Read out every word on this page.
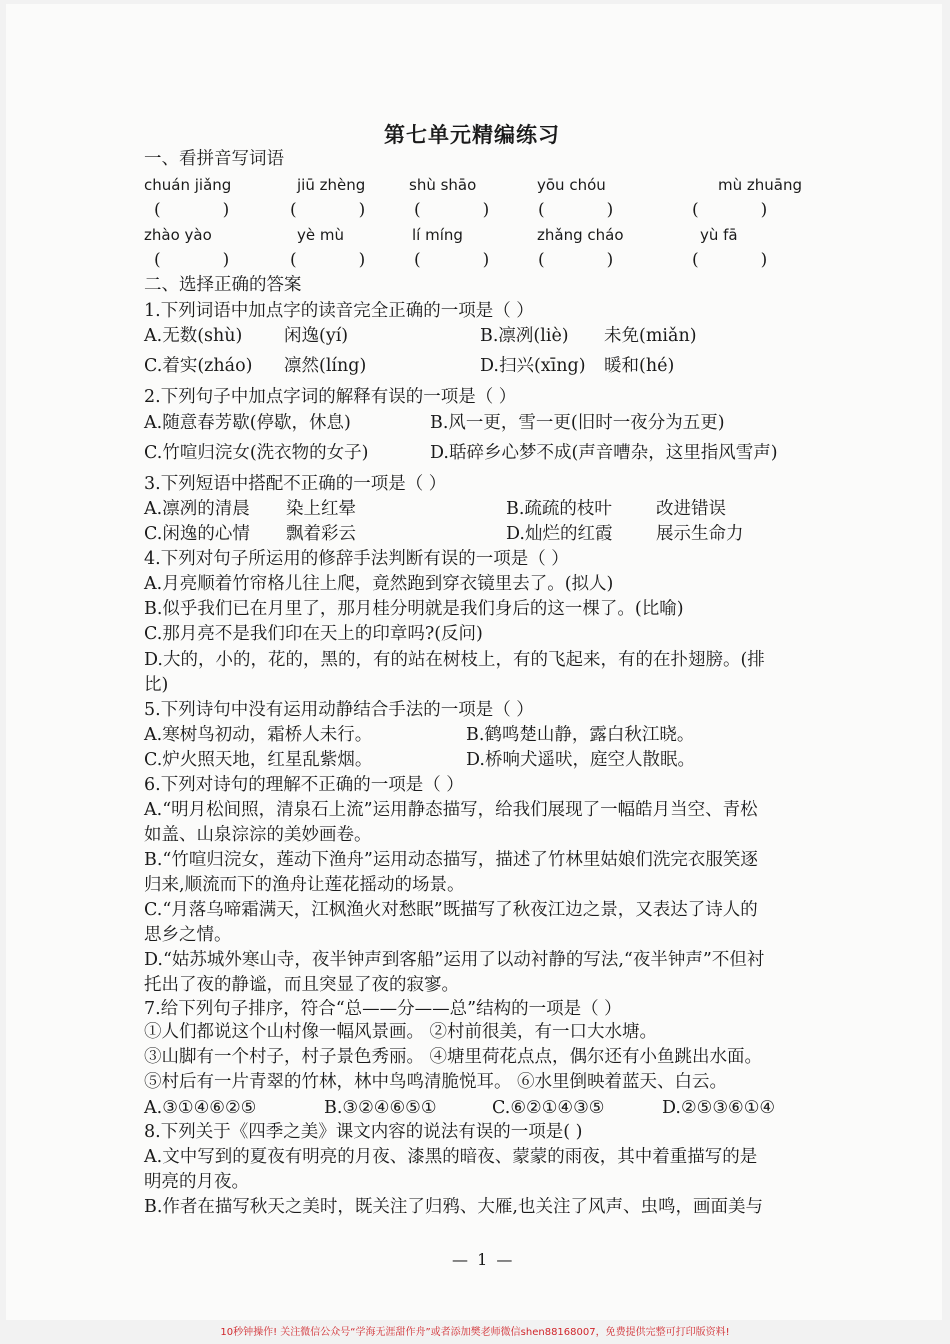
第七单元精编练习
一、看拼音写词语
chuán jiǎng	jiū zhèng	shù shāo	yōu chóu	mù zhuāng
(	)	(	)	(	)	(	)	(	)
zhào yào	yè mù	lí míng	zhǎng cháo	yù fā
(	)	(	)	(	)	(	)	(	)
二、选择正确的答案
1.下列词语中加点字的读音完全正确的一项是（ ）
A.无数(shù) 闲逸(yí)	B.凛冽(liè) 未免(miǎn)
C.着实(zháo) 凛然(líng)	D.扫兴(xīng) 暖和(hé)
2.下列句子中加点字词的解释有误的一项是（ ）
A.随意春芳歇(停歇，休息)	B.风一更，雪一更(旧时一夜分为五更)
C.竹喧归浣女(洗衣物的女子)	D.聒碎乡心梦不成(声音嘈杂，这里指风雪声)
3.下列短语中搭配不正确的一项是（ ）
A.凛冽的清晨 染上红晕	B.疏疏的枝叶	改进错误
C.闲逸的心情 飘着彩云	D.灿烂的红霞 展示生命力
4.下列对句子所运用的修辞手法判断有误的一项是（ ）
A.月亮顺着竹帘格儿往上爬，竟然跑到穿衣镜里去了。(拟人)
B.似乎我们已在月里了，那月桂分明就是我们身后的这一棵了。(比喻)
C.那月亮不是我们印在天上的印章吗?(反问)
D.大的，小的，花的，黑的，有的站在树枝上，有的飞起来，有的在扑翅膀。(排
比)
5.下列诗句中没有运用动静结合手法的一项是（ ）
A.寒树鸟初动，霜桥人未行。	B.鹤鸣楚山静，露白秋江晓。
C.炉火照天地，红星乱紫烟。	D.桥响犬遥吠，庭空人散眠。
6.下列对诗句的理解不正确的一项是（ ）
A.“明月松间照，清泉石上流”运用静态描写，给我们展现了一幅皓月当空、青松
如盖、山泉淙淙的美妙画卷。
B.“竹喧归浣女，莲动下渔舟”运用动态描写，描述了竹林里姑娘们洗完衣服笑逐
归来,顺流而下的渔舟让莲花摇动的场景。
C.“月落乌啼霜满天，江枫渔火对愁眠”既描写了秋夜江边之景，又表达了诗人的
思乡之情。
D.“姑苏城外寒山寺，夜半钟声到客船”运用了以动衬静的写法,“夜半钟声”不但衬
托出了夜的静谧，而且突显了夜的寂寥。
7.给下列句子排序，符合“总——分——总”结构的一项是（ ）
①人们都说这个山村像一幅风景画。 ②村前很美，有一口大水塘。
③山脚有一个村子，村子景色秀丽。 ④塘里荷花点点，偶尔还有小鱼跳出水面。
⑤村后有一片青翠的竹林，林中鸟鸣清脆悦耳。 ⑥水里倒映着蓝天、白云。
A.③①④⑥②⑤	B.③②④⑥⑤①	C.⑥②①④③⑤	D.②⑤③⑥①④
8.下列关于《四季之美》课文内容的说法有误的一项是( )
A.文中写到的夏夜有明亮的月夜、漆黑的暗夜、蒙蒙的雨夜，其中着重描写的是
明亮的月夜。
B.作者在描写秋天之美时，既关注了归鸦、大雁,也关注了风声、虫鸣，画面美与
— 1 —
10秒钟操作! 关注微信公众号“学海无涯甜作舟”或者添加樊老师微信shen88168007，免费提供完整可打印版资料!
